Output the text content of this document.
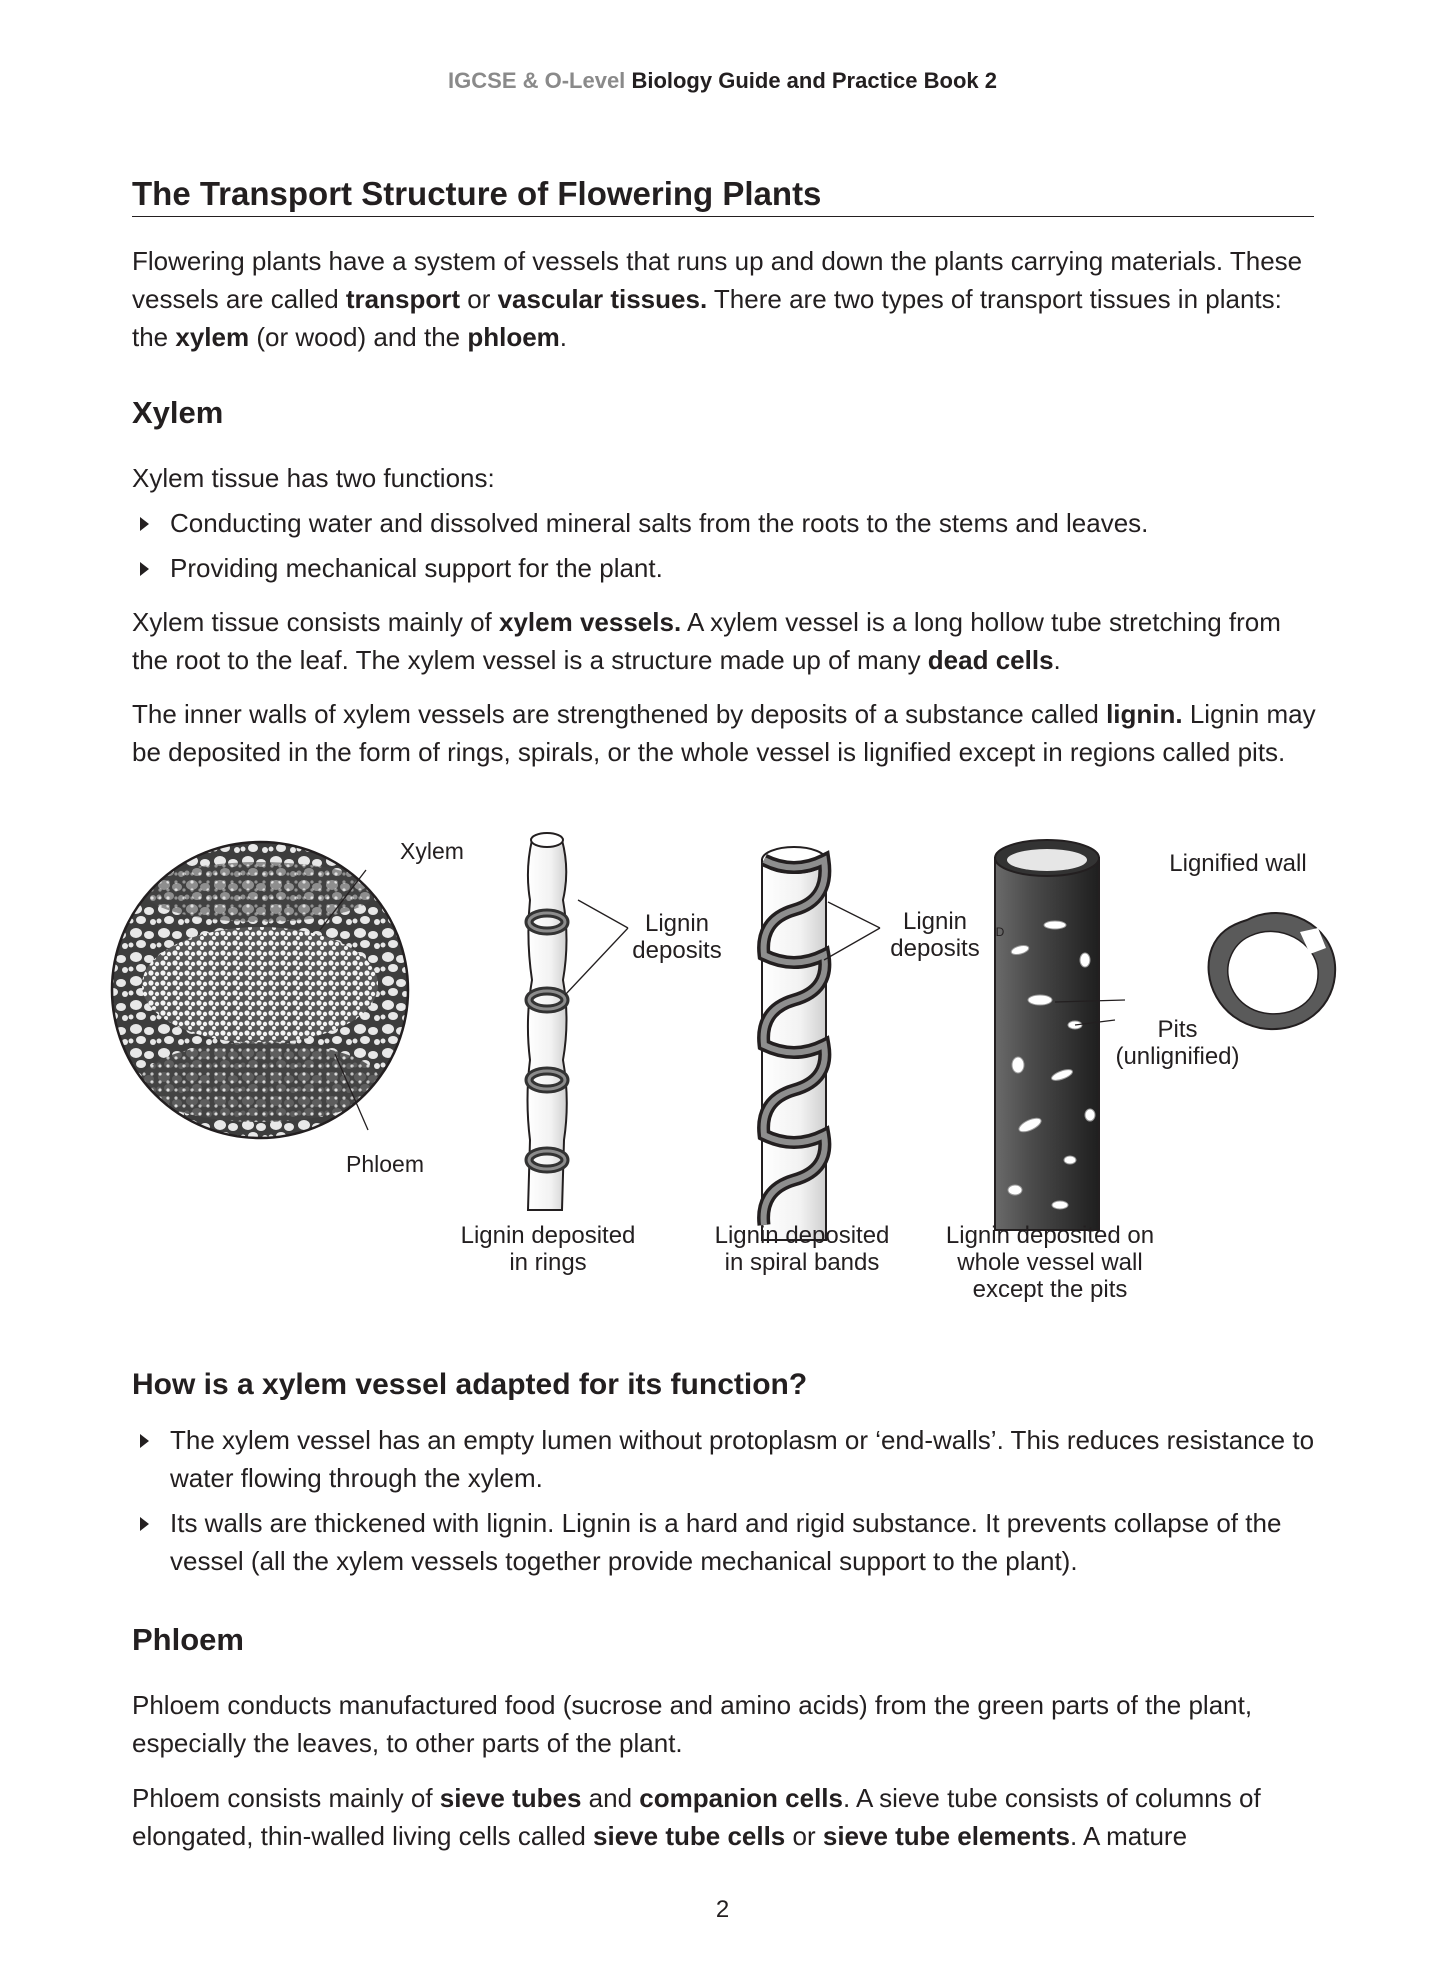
IGCSE & O-Level Biology Guide and Practice Book 2
The Transport Structure of Flowering Plants

Flowering plants have a system of vessels that runs up and down the plants carrying materials. These vessels are called transport or vascular tissues. There are two types of transport tissues in plants: the xylem (or wood) and the phloem.

Xylem

Xylem tissue has two functions:

Conducting water and dissolved mineral salts from the roots to the stems and leaves.
Providing mechanical support for the plant.

Xylem tissue consists mainly of xylem vessels. A xylem vessel is a long hollow tube stretching from the root to the leaf. The xylem vessel is a structure made up of many dead cells.

The inner walls of xylem vessels are strengthened by deposits of a substance called lignin. Lignin may be deposited in the form of rings, spirals, or the whole vessel is lignified except in regions called pits.

Xylem
Phloem
Lignin deposits
Lignin deposits
D
Lignified wall
Pits (unlignified)
Lignin deposited in rings
Lignin deposited in spiral bands
Lignin deposited on whole vessel wall except the pits
How is a xylem vessel adapted for its function?
The xylem vessel has an empty lumen without protoplasm or ‘end-walls’. This reduces resistance to water flowing through the xylem.
Its walls are thickened with lignin. Lignin is a hard and rigid substance. It prevents collapse of the vessel (all the xylem vessels together provide mechanical support to the plant).
Phloem

Phloem conducts manufactured food (sucrose and amino acids) from the green parts of the plant, especially the leaves, to other parts of the plant.

Phloem consists mainly of sieve tubes and companion cells. A sieve tube consists of columns of elongated, thin-walled living cells called sieve tube cells or sieve tube elements. A mature

2
